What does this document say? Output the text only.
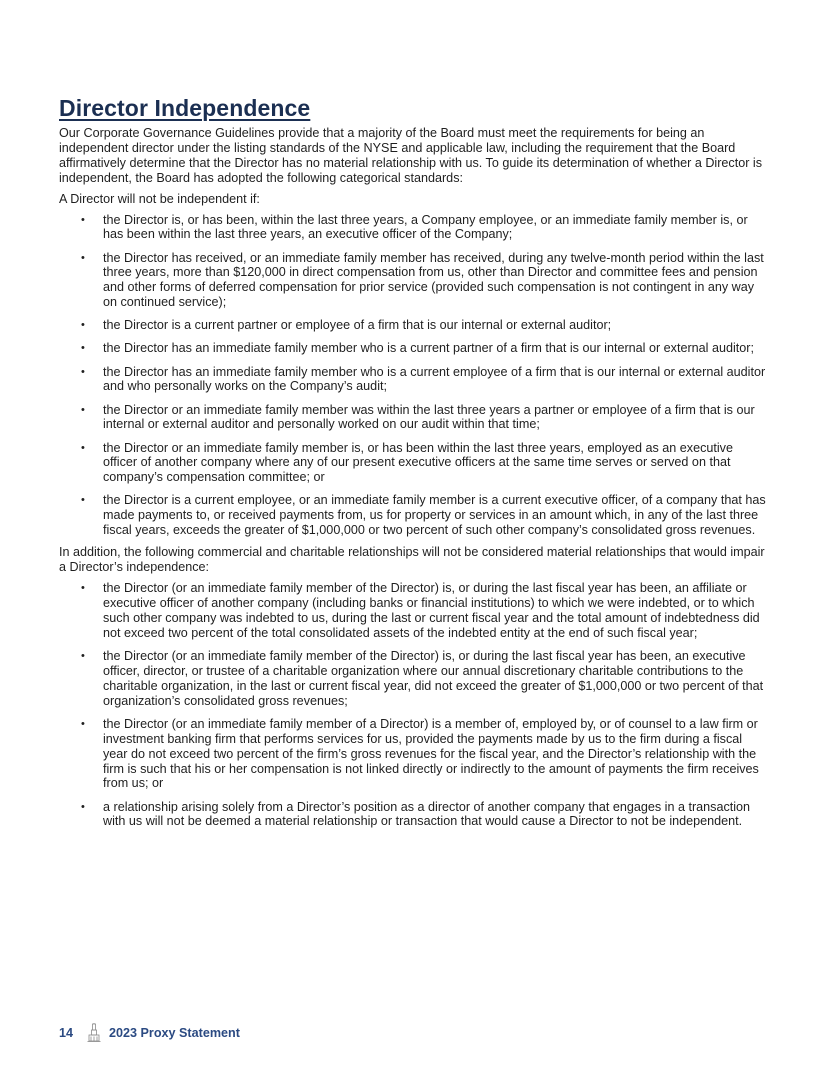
Director Independence

Our Corporate Governance Guidelines provide that a majority of the Board must meet the requirements for being an independent director under the listing standards of the NYSE and applicable law, including the requirement that the Board affirmatively determine that the Director has no material relationship with us. To guide its determination of whether a Director is independent, the Board has adopted the following categorical standards:

A Director will not be independent if:

• the Director is, or has been, within the last three years, a Company employee, or an immediate family member is, or has been within the last three years, an executive officer of the Company;
• the Director has received, or an immediate family member has received, during any twelve-month period within the last three years, more than $120,000 in direct compensation from us, other than Director and committee fees and pension and other forms of deferred compensation for prior service (provided such compensation is not contingent in any way on continued service);
• the Director is a current partner or employee of a firm that is our internal or external auditor;
• the Director has an immediate family member who is a current partner of a firm that is our internal or external auditor;
• the Director has an immediate family member who is a current employee of a firm that is our internal or external auditor and who personally works on the Company’s audit;
• the Director or an immediate family member was within the last three years a partner or employee of a firm that is our internal or external auditor and personally worked on our audit within that time;
• the Director or an immediate family member is, or has been within the last three years, employed as an executive officer of another company where any of our present executive officers at the same time serves or served on that company’s compensation committee; or
• the Director is a current employee, or an immediate family member is a current executive officer, of a company that has made payments to, or received payments from, us for property or services in an amount which, in any of the last three fiscal years, exceeds the greater of $1,000,000 or two percent of such other company’s consolidated gross revenues.

In addition, the following commercial and charitable relationships will not be considered material relationships that would impair a Director’s independence:

• the Director (or an immediate family member of the Director) is, or during the last fiscal year has been, an affiliate or executive officer of another company (including banks or financial institutions) to which we were indebted, or to which such other company was indebted to us, during the last or current fiscal year and the total amount of indebtedness did not exceed two percent of the total consolidated assets of the indebted entity at the end of such fiscal year;
• the Director (or an immediate family member of the Director) is, or during the last fiscal year has been, an executive officer, director, or trustee of a charitable organization where our annual discretionary charitable contributions to the charitable organization, in the last or current fiscal year, did not exceed the greater of $1,000,000 or two percent of that organization’s consolidated gross revenues;
• the Director (or an immediate family member of a Director) is a member of, employed by, or of counsel to a law firm or investment banking firm that performs services for us, provided the payments made by us to the firm during a fiscal year do not exceed two percent of the firm’s gross revenues for the fiscal year, and the Director’s relationship with the firm is such that his or her compensation is not linked directly or indirectly to the amount of payments the firm receives from us; or
• a relationship arising solely from a Director’s position as a director of another company that engages in a transaction with us will not be deemed a material relationship or transaction that would cause a Director to not be independent.
14	2023 Proxy Statement
